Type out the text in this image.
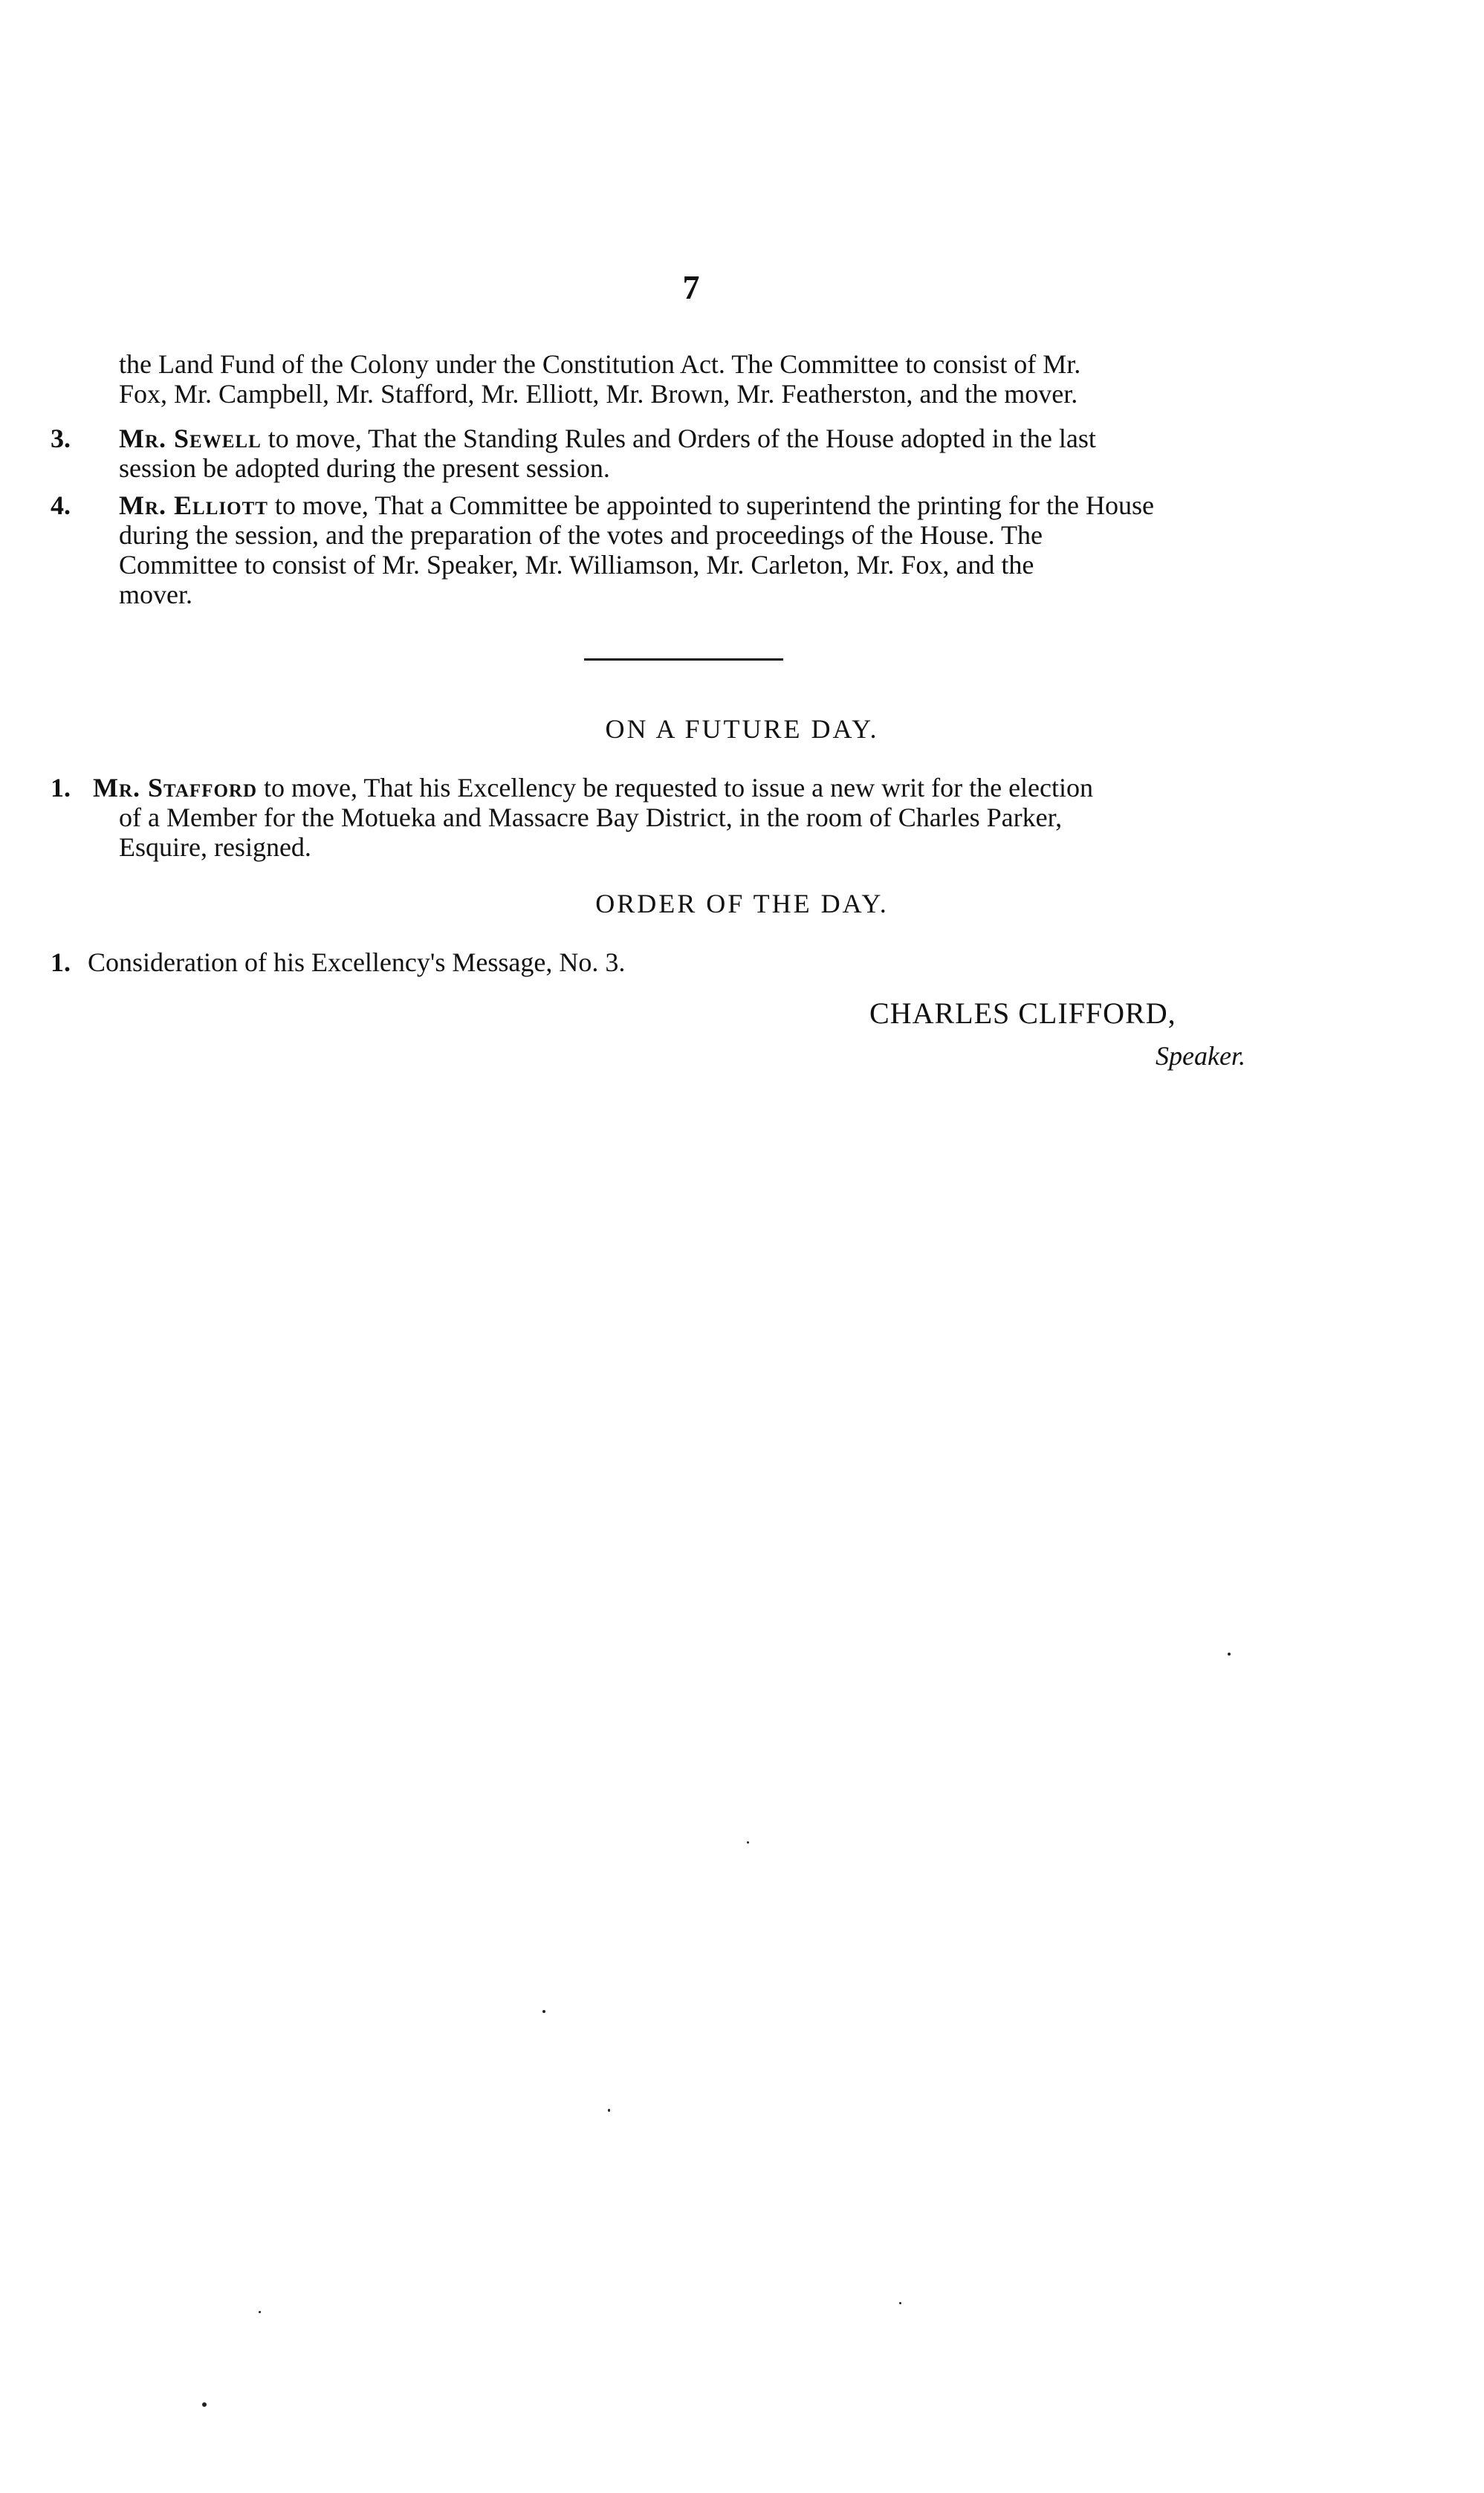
7
the Land Fund of the Colony under the Constitution Act. The Committee to consist of Mr.
Fox, Mr. Campbell, Mr. Stafford, Mr. Elliott, Mr. Brown, Mr. Featherston, and the mover.
3. Mr. Sewell to move, That the Standing Rules and Orders of the House adopted in the last
session be adopted during the present session.
4. Mr. Elliott to move, That a Committee be appointed to superintend the printing for the House
during the session, and the preparation of the votes and proceedings of the House. The
Committee to consist of Mr. Speaker, Mr. Williamson, Mr. Carleton, Mr. Fox, and the
mover.
ON A FUTURE DAY.
1. Mr. Stafford to move, That his Excellency be requested to issue a new writ for the election
of a Member for the Motueka and Massacre Bay District, in the room of Charles Parker,
Esquire, resigned.
ORDER OF THE DAY.
1. Consideration of his Excellency's Message, No. 3.
CHARLES CLIFFORD,
Speaker.
